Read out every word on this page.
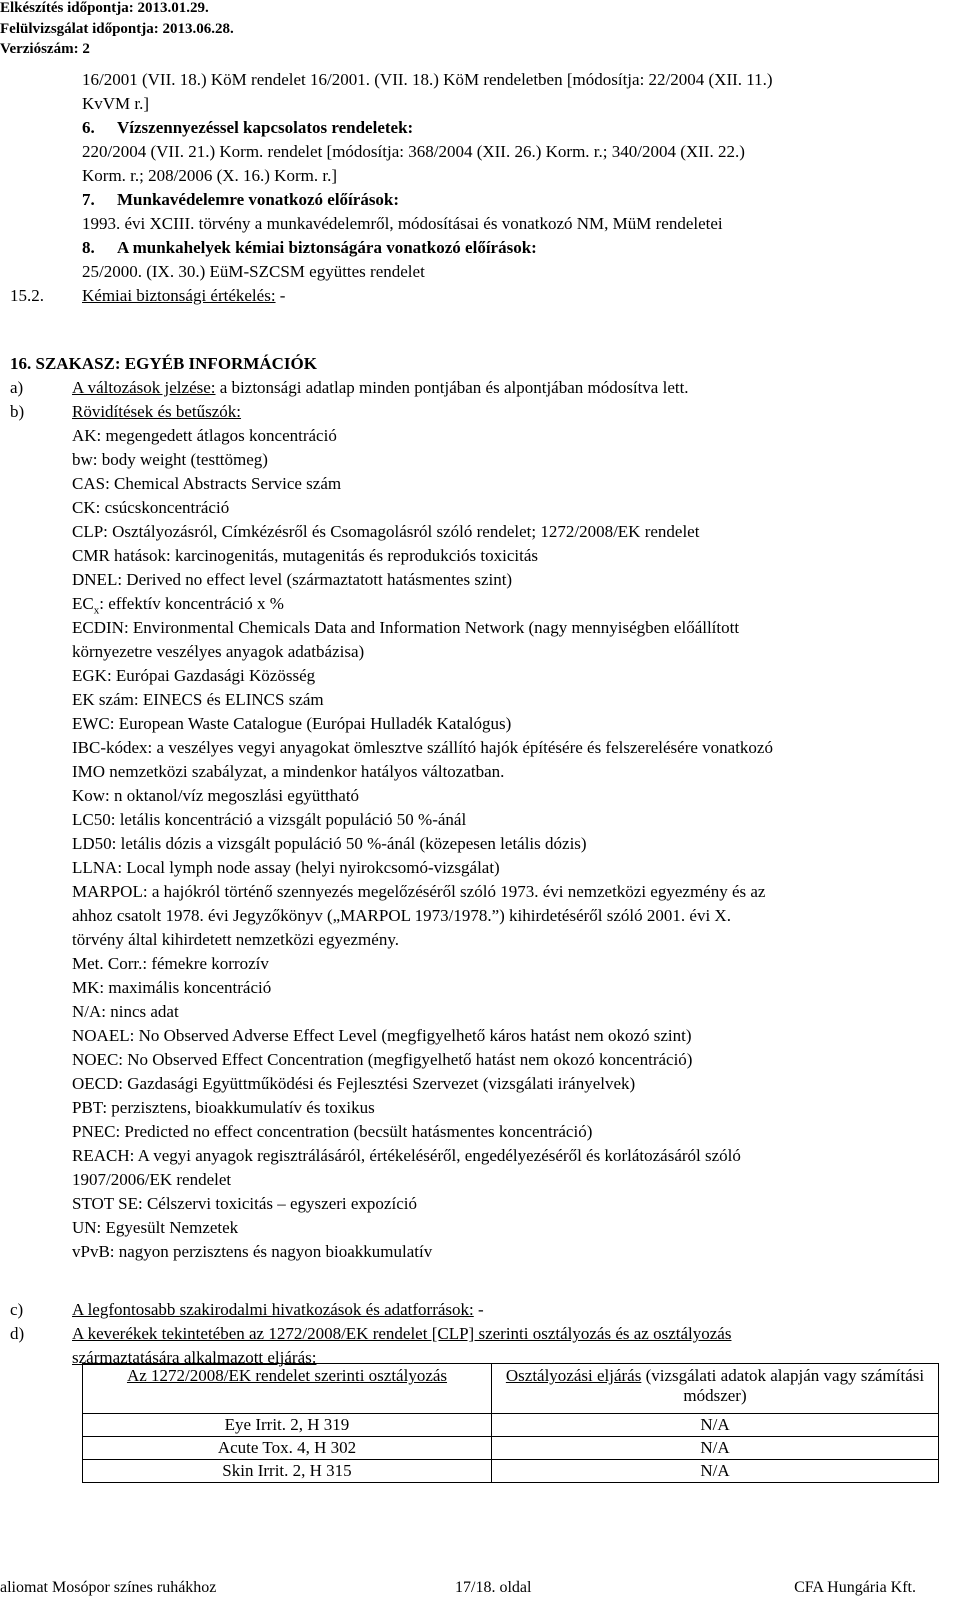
Elkészítés időpontja: 2013.01.29.
Felülvizsgálat időpontja: 2013.06.28.
Verziószám: 2
16/2001 (VII. 18.) KöM rendelet 16/2001. (VII. 18.) KöM rendeletben [módosítja: 22/2004 (XII. 11.)
KvVM r.]
6. Vízszennyezéssel kapcsolatos rendeletek:
220/2004 (VII. 21.) Korm. rendelet [módosítja: 368/2004 (XII. 26.) Korm. r.; 340/2004 (XII. 22.)
Korm. r.; 208/2006 (X. 16.) Korm. r.]
7. Munkavédelemre vonatkozó előírások:
1993. évi XCIII. törvény a munkavédelemről, módosításai és vonatkozó NM, MüM rendeletei
8. A munkahelyek kémiai biztonságára vonatkozó előírások:
25/2000. (IX. 30.) EüM-SZCSM együttes rendelet
15.2. Kémiai biztonsági értékelés: -
16. SZAKASZ: EGYÉB INFORMÁCIÓK
a)	A változások jelzése: a biztonsági adatlap minden pontjában és alpontjában módosítva lett.
b)	Rövidítések és betűszók:
AK: megengedett átlagos koncentráció
bw: body weight (testtömeg)
CAS: Chemical Abstracts Service szám
CK: csúcskoncentráció
CLP: Osztályozásról, Címkézésről és Csomagolásról szóló rendelet; 1272/2008/EK rendelet
CMR hatások: karcinogenitás, mutagenitás és reprodukciós toxicitás
DNEL: Derived no effect level (származtatott hatásmentes szint)
$EC_x$: effektív koncentráció x %
ECDIN: Environmental Chemicals Data and Information Network (nagy mennyiségben előállított
környezetre veszélyes anyagok adatbázisa)
EGK: Európai Gazdasági Közösség
EK szám: EINECS és ELINCS szám
EWC: European Waste Catalogue (Európai Hulladék Katalógus)
IBC-kódex: a veszélyes vegyi anyagokat ömlesztve szállító hajók építésére és felszerelésére vonatkozó
IMO nemzetközi szabályzat, a mindenkor hatályos változatban.
Kow: n oktanol/víz megoszlási együttható
LC50: letális koncentráció a vizsgált populáció 50 %-ánál
LD50: letális dózis a vizsgált populáció 50 %-ánál (közepesen letális dózis)
LLNA: Local lymph node assay (helyi nyirokcsomó-vizsgálat)
MARPOL: a hajókról történő szennyezés megelőzéséről szóló 1973. évi nemzetközi egyezmény és az
ahhoz csatolt 1978. évi Jegyzőkönyv („MARPOL 1973/1978.”) kihirdetéséről szóló 2001. évi X.
törvény által kihirdetett nemzetközi egyezmény.
Met. Corr.: fémekre korrozív
MK: maximális koncentráció
N/A: nincs adat
NOAEL: No Observed Adverse Effect Level (megfigyelhető káros hatást nem okozó szint)
NOEC: No Observed Effect Concentration (megfigyelhető hatást nem okozó koncentráció)
OECD: Gazdasági Együttműködési és Fejlesztési Szervezet (vizsgálati irányelvek)
PBT: perzisztens, bioakkumulatív és toxikus
PNEC: Predicted no effect concentration (becsült hatásmentes koncentráció)
REACH: A vegyi anyagok regisztrálásáról, értékeléséről, engedélyezéséről és korlátozásáról szóló
1907/2006/EK rendelet
STOT SE: Célszervi toxicitás – egyszeri expozíció
UN: Egyesült Nemzetek
vPvB: nagyon perzisztens és nagyon bioakkumulatív
c)	A legfontosabb szakirodalmi hivatkozások és adatforrások: -
d)	A keverékek tekintetében az 1272/2008/EK rendelet [CLP] szerinti osztályozás és az osztályozás
származtatására alkalmazott eljárás:
Az 1272/2008/EK rendelet szerinti osztályozás	Osztályozási eljárás (vizsgálati adatok alapján vagy számítási módszer)
Eye Irrit. 2, H 319	N/A
Acute Tox. 4, H 302	N/A
Skin Irrit. 2, H 315	N/A
aliomat Mosópor színes ruhákhoz	17/18. oldal	CFA Hungária Kft.
